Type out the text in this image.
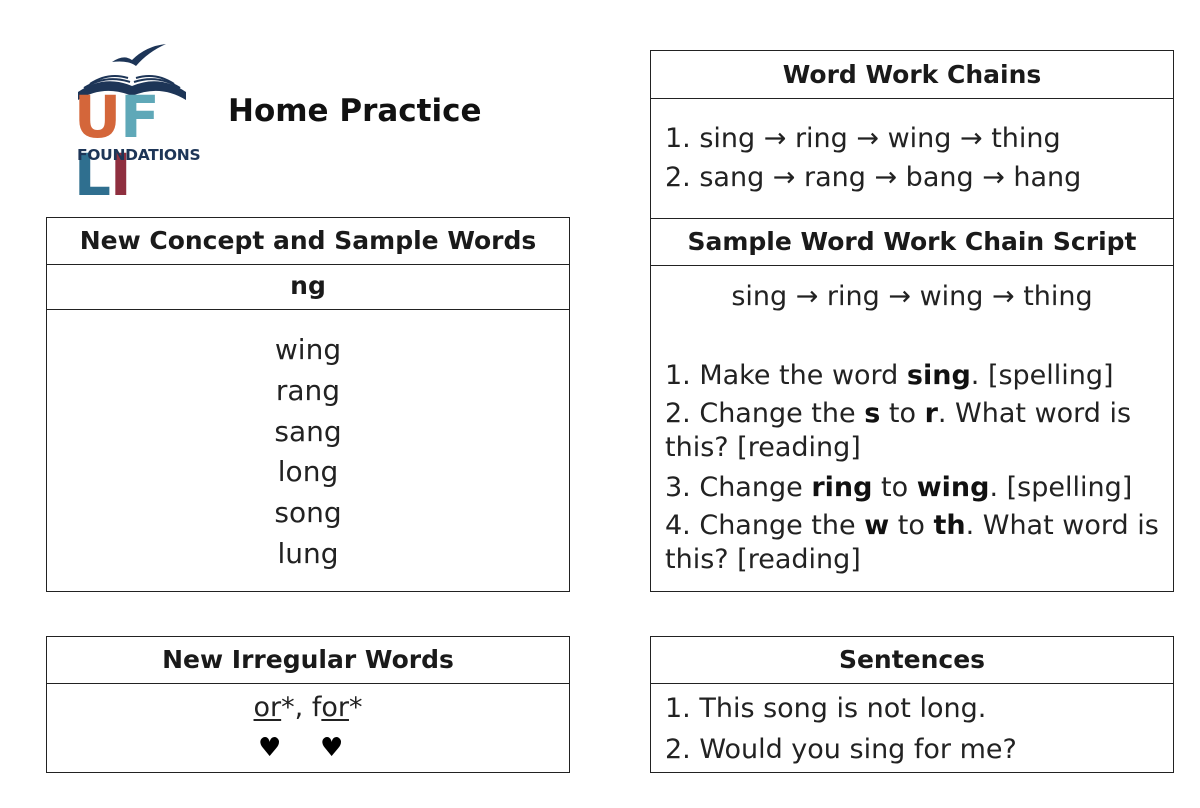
UFLI
FOUNDATIONS
Home Practice
New Concept and Sample Words
ng
wing
rang
sang
long
song
lung
New Irregular Words
or*, for*
♥ ♥
Word Work Chains
1. sing → ring → wing → thing
2. sang → rang → bang → hang
Sample Word Work Chain Script
sing → ring → wing → thing
1. Make the word sing. [spelling]
2. Change the s to r. What word is this? [reading]
3. Change ring to wing. [spelling]
4. Change the w to th. What word is this? [reading]
Sentences
1. This song is not long.
2. Would you sing for me?
